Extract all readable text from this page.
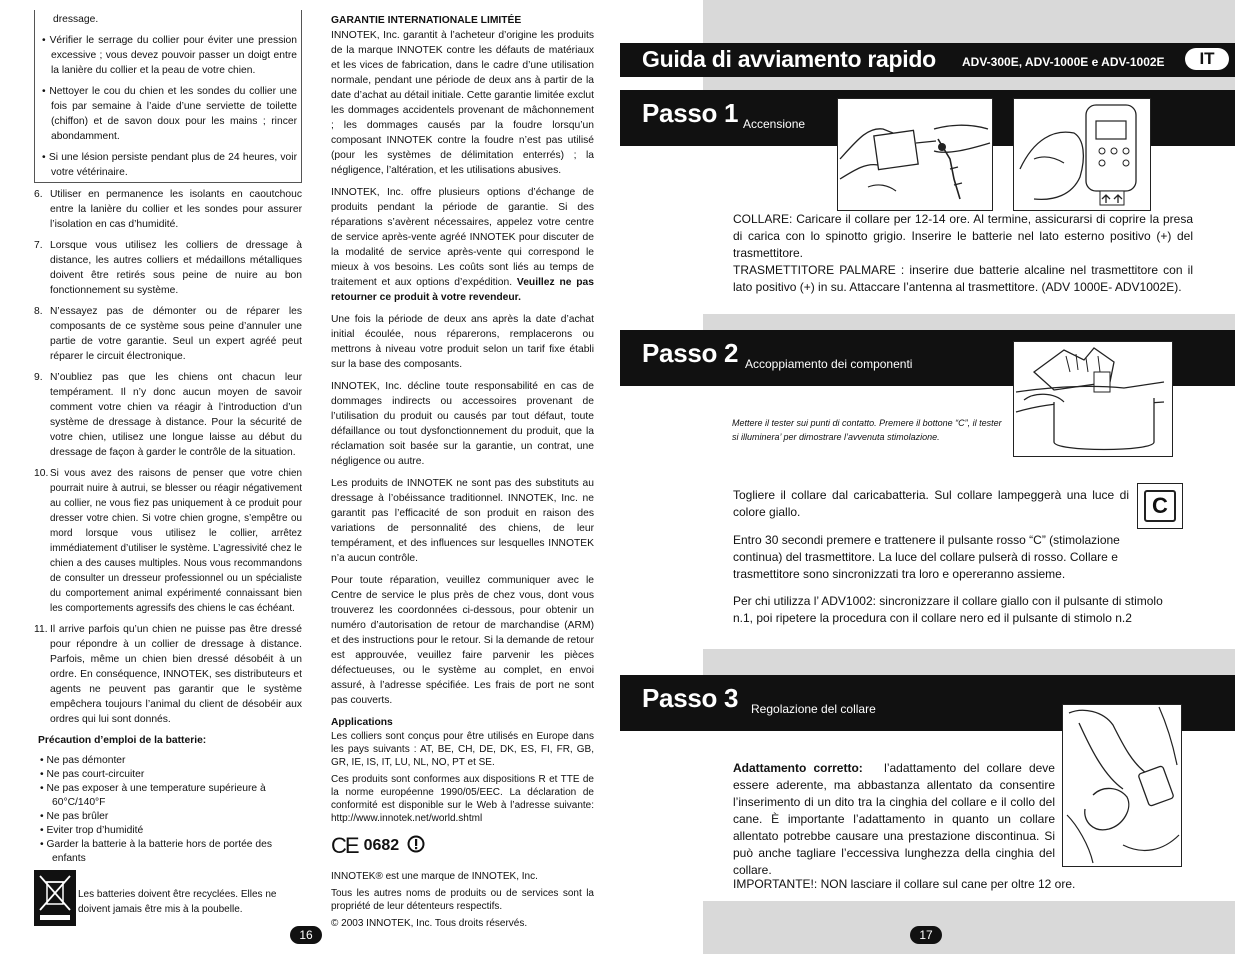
dressage.

• Vérifier le serrage du collier pour éviter une pression excessive ; vous devez pouvoir passer un doigt entre la lanière du collier et la peau de votre chien.

• Nettoyer le cou du chien et les sondes du collier une fois par semaine à l’aide d’une serviette de toilette (chiffon) et de savon doux pour les mains ; rincer abondamment.

• Si une lésion persiste pendant plus de 24 heures, voir votre vétérinaire.

6. Utiliser en permanence les isolants en caoutchouc entre la lanière du collier et les sondes pour assurer l’isolation en cas d’humidité.
7. Lorsque vous utilisez les colliers de dressage à distance, les autres colliers et médaillons métalliques doivent être retirés sous peine de nuire au bon fonctionnement su système.
8. N’essayez pas de démonter ou de réparer les composants de ce système sous peine d’annuler une partie de votre garantie. Seul un expert agréé peut réparer le circuit électronique.
9. N’oubliez pas que les chiens ont chacun leur tempérament. Il n’y donc aucun moyen de savoir comment votre chien va réagir à l’introduction d’un système de dressage à distance. Pour la sécurité de votre chien, utilisez une longue laisse au début du dressage de façon à garder le contrôle de la situation.
10. Si vous avez des raisons de penser que votre chien pourrait nuire à autrui, se blesser ou réagir négativement au collier, ne vous fiez pas uniquement à ce produit pour dresser votre chien. Si votre chien grogne, s’empêtre ou mord lorsque vous utilisez le collier, arrêtez immédiatement d’utiliser le système. L’agressivité chez le chien a des causes multiples. Nous vous recommandons de consulter un dresseur professionnel ou un spécialiste du comportement animal expérimenté connaissant bien les comportements agressifs des chiens le cas échéant.
11. Il arrive parfois qu’un chien ne puisse pas être dressé pour répondre à un collier de dressage à distance. Parfois, même un chien bien dressé désobéit à un ordre. En conséquence, INNOTEK, ses distributeurs et agents ne peuvent pas garantir que le système empêchera toujours l’animal du client de désobéir aux ordres qui lui sont donnés.
Précaution d’emploi de la batterie:
• Ne pas démonter
• Ne pas court-circuiter
• Ne pas exposer à une temperature supérieure à 60°C/140°F
• Ne pas brûler
• Eviter trop d’humidité
• Garder la batterie à la batterie hors de portée des enfants
Les batteries doivent être recyclées. Elles ne doivent jamais être mis à la poubelle.

GARANTIE INTERNATIONALE LIMITÉE

INNOTEK, Inc. garantit à l’acheteur d’origine les produits de la marque INNOTEK contre les défauts de matériaux et les vices de fabrication, dans le cadre d’une utilisation normale, pendant une période de deux ans à partir de la date d’achat au détail initiale. Cette garantie limitée exclut les dommages accidentels provenant de mâchonnement ; les dommages causés par la foudre lorsqu’un composant INNOTEK contre la foudre n’est pas utilisé (pour les systèmes de délimitation enterrés) ; la négligence, l’altération, et les utilisations abusives.

INNOTEK, Inc. offre plusieurs options d’échange de produits pendant la période de garantie. Si des réparations s’avèrent nécessaires, appelez votre centre de service après-vente agréé INNOTEK pour discuter de la modalité de service après-vente qui correspond le mieux à vos besoins. Les coûts sont liés au temps de traitement et aux options d’expédition. Veuillez ne pas retourner ce produit à votre revendeur.

Une fois la période de deux ans après la date d’achat initial écoulée, nous réparerons, remplacerons ou mettrons à niveau votre produit selon un tarif fixe établi sur la base des composants.

INNOTEK, Inc. décline toute responsabilité en cas de dommages indirects ou accessoires provenant de l’utilisation du produit ou causés par tout défaut, toute défaillance ou tout dysfonctionnement du produit, que la réclamation soit basée sur la garantie, un contrat, une négligence ou autre.

Les produits de INNOTEK ne sont pas des substituts au dressage à l’obéissance traditionnel. INNOTEK, Inc. ne garantit pas l’efficacité de son produit en raison des variations de personnalité des chiens, de leur tempérament, et des influences sur lesquelles INNOTEK n’a aucun contrôle.

Pour toute réparation, veuillez communiquer avec le Centre de service le plus près de chez vous, dont vous trouverez les coordonnées ci-dessous, pour obtenir un numéro d’autorisation de retour de marchandise (ARM) et des instructions pour le retour. Si la demande de retour est approuvée, veuillez faire parvenir les pièces défectueuses, ou le système au complet, en envoi assuré, à l’adresse spécifiée. Les frais de port ne sont pas couverts.

Applications

Les colliers sont conçus pour être utilisés en Europe dans les pays suivants : AT, BE, CH, DE, DK, ES, FI, FR, GB, GR, IE, IS, IT, LU, NL, NO, PT et SE.

Ces produits sont conformes aux dispositions R et TTE de la norme européenne 1990/05/EEC. La déclaration de conformité est disponible sur le Web à l’adresse suivante: http://www.innotek.net/world.shtml

CE 0682

INNOTEK® est une marque de INNOTEK, Inc.

Tous les autres noms de produits ou de services sont la propriété de leur détenteurs respectifs.

© 2003 INNOTEK, Inc. Tous droits réservés.

16
Guida di avviamento rapido ADV-300E, ADV-1000E e ADV-1002E	IT
Passo 1 Accensione
COLLARE: Caricare il collare per 12-14 ore. Al termine, assicurarsi di coprire la presa di carica con lo spinotto grigio. Inserire le batterie nel lato esterno positivo (+) del trasmettitore.
TRASMETTITORE PALMARE : inserire due batterie alcaline nel trasmettitore con il lato positivo (+) in su. Attaccare l’antenna al trasmettitore. (ADV 1000E- ADV1002E).
Passo 2 Accoppiamento dei componenti
Mettere il tester sui punti di contatto. Premere il bottone “C”, il tester si illuminera’ per dimostrare l’avvenuta stimolazione.
Togliere il collare dal caricabatteria. Sul collare lampeggerà una luce di colore giallo.	C
Entro 30 secondi premere e trattenere il pulsante rosso “C” (stimolazione continua) del trasmettitore. La luce del collare pulserà di rosso. Collare e trasmettitore sono sincronizzati tra loro e opereranno assieme.
Per chi utilizza l’ ADV1002: sincronizzare il collare giallo con il pulsante di stimolo n.1, poi ripetere la procedura con il collare nero ed il pulsante di stimolo n.2
Passo 3 Regolazione del collare
Adattamento corretto: l’adattamento del collare deve essere aderente, ma abbastanza allentato da consentire l’inserimento di un dito tra la cinghia del collare e il collo del cane. È importante l’adattamento in quanto un collare allentato potrebbe causare una prestazione discontinua. Si può anche tagliare l’eccessiva lunghezza della cinghia del collare.
IMPORTANTE!: NON lasciare il collare sul cane per oltre 12 ore.
17
